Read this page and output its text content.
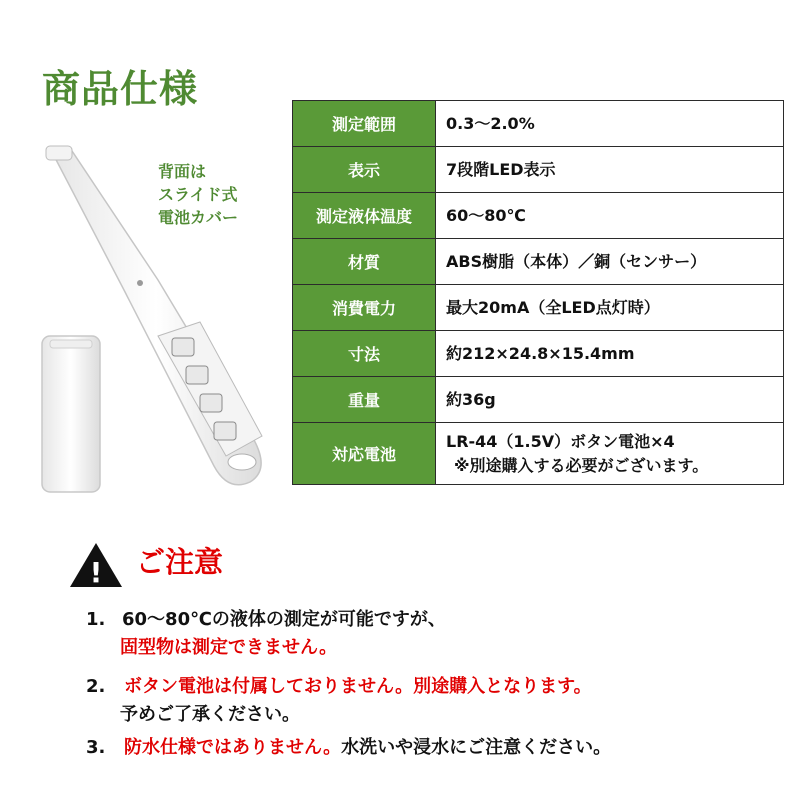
商品仕様
背面は
スライド式
電池カバー
測定範囲	0.3〜2.0%
表示	7段階LED表示
測定液体温度	60〜80℃
材質	ABS樹脂（本体）／銅（センサー）
消費電力	最大20mA（全LED点灯時）
寸法	約212×24.8×15.4mm
重量	約36g
対応電池	LR-44（1.5V）ボタン電池×4
※別途購入する必要がございます。
! ご注意
1. 60〜80℃の液体の測定が可能ですが、
固型物は測定できません。
2.	ボタン電池は付属しておりません。別途購入となります。
予めご了承ください。
3.	防水仕様ではありません。水洗いや浸水にご注意ください。
